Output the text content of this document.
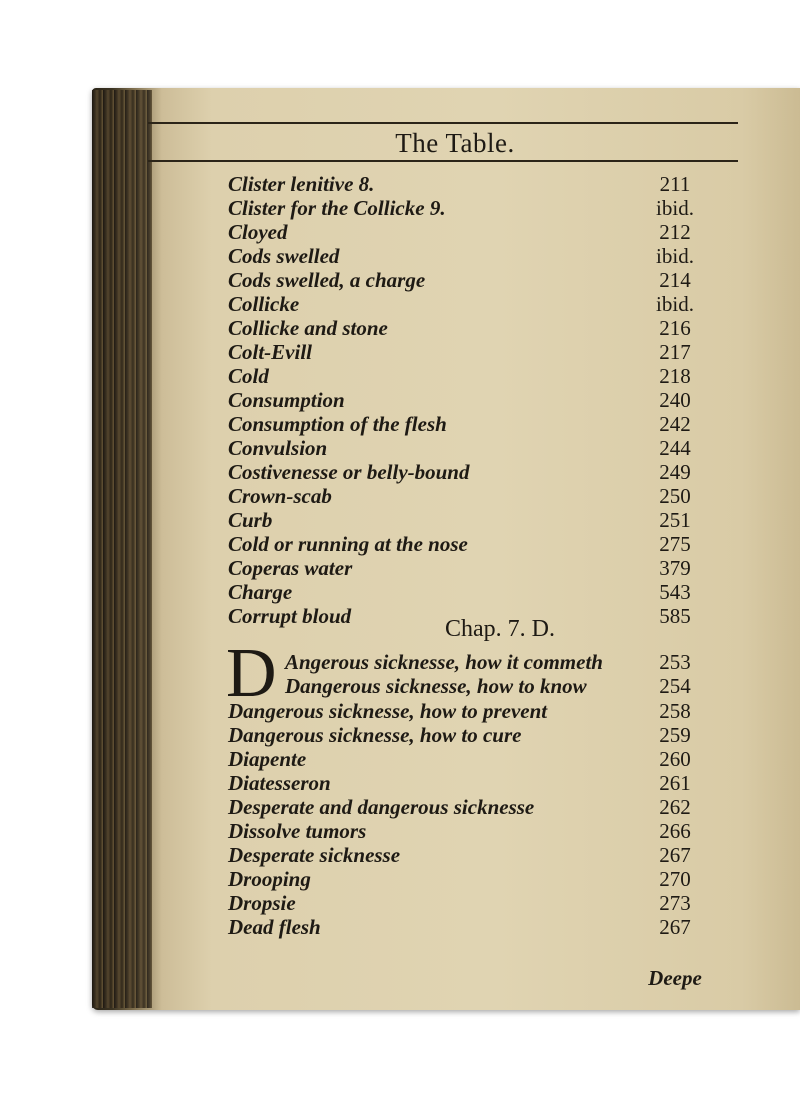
The Table.
Clister lenitive 8.	211
Clister for the Collicke 9.	ibid.
Cloyed	212
Cods swelled	ibid.
Cods swelled, a charge	214
Collicke	ibid.
Collicke and stone	216
Colt-Evill	217
Cold	218
Consumption	240
Consumption of the flesh	242
Convulsion	244
Costivenesse or belly-bound	249
Crown-scab	250
Curb	251
Cold or running at the nose	275
Coperas water	379
Charge	543
Corrupt bloud	585
Chap. 7. D.
D Angerous sicknesse, how it commeth	253
Dangerous sicknesse, how to know	254
Dangerous sicknesse, how to prevent	258
Dangerous sicknesse, how to cure	259
Diapente	260
Diatesseron	261
Desperate and dangerous sicknesse	262
Dissolve tumors	266
Desperate sicknesse	267
Drooping	270
Dropsie	273
Dead flesh	267
Deepe
